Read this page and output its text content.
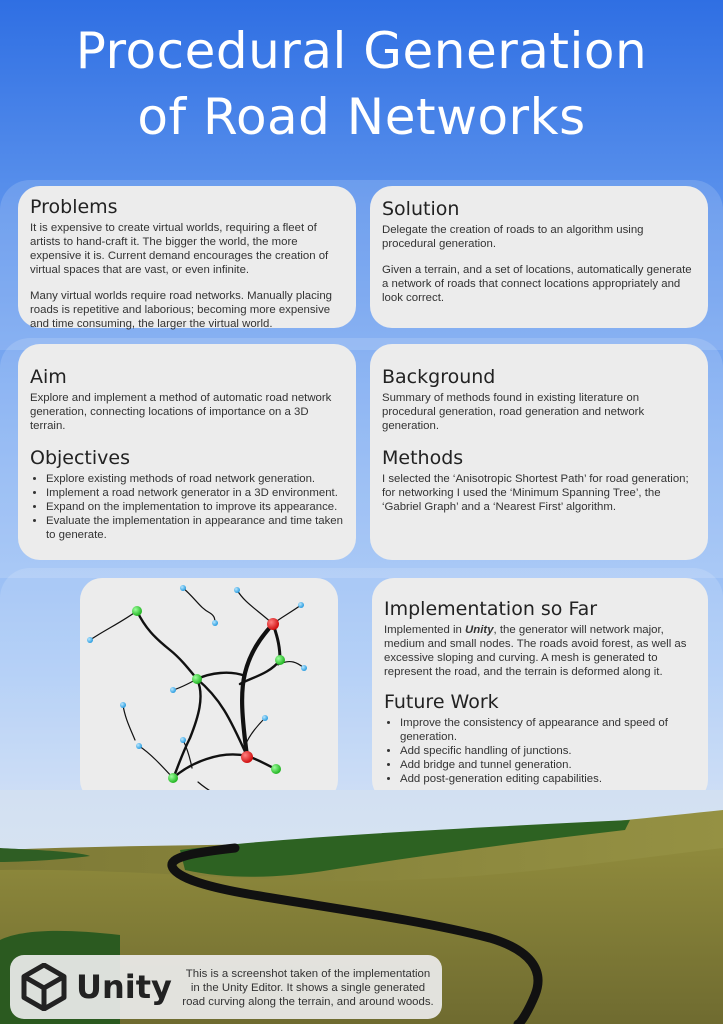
Procedural Generation
of Road Networks
Problems

It is expensive to create virtual worlds, requiring a fleet of artists to hand-craft it. The bigger the world, the more expensive it is. Current demand encourages the creation of virtual spaces that are vast, or even infinite.

Many virtual worlds require road networks. Manually placing roads is repetitive and laborious; becoming more expensive and time consuming, the larger the virtual world.

Solution

Delegate the creation of roads to an algorithm using procedural generation.

Given a terrain, and a set of locations, automatically generate a network of roads that connect locations appropriately and look correct.

Aim

Explore and implement a method of automatic road network generation, connecting locations of importance on a 3D terrain.

Objectives
• Explore existing methods of road network generation.
• Implement a road network generator in a 3D environment.
• Expand on the implementation to improve its appearance.
• Evaluate the implementation in appearance and time taken to generate.
Background

Summary of methods found in existing literature on procedural generation, road generation and network generation.

Methods

I selected the ‘Anisotropic Shortest Path’ for road generation; for networking I used the ‘Minimum Spanning Tree’, the ‘Gabriel Graph’ and a ‘Nearest First’ algorithm.

Implementation so Far

Implemented in Unity, the generator will network major, medium and small nodes. The roads avoid forest, as well as excessive sloping and curving. A mesh is generated to represent the road, and the terrain is deformed along it.

Future Work
• Improve the consistency of appearance and speed of generation.
• Add specific handling of junctions.
• Add bridge and tunnel generation.
• Add post-generation editing capabilities.
Unity	This is a screenshot taken of the implementation in the Unity Editor. It shows a single generated road curving along the terrain, and around woods.
